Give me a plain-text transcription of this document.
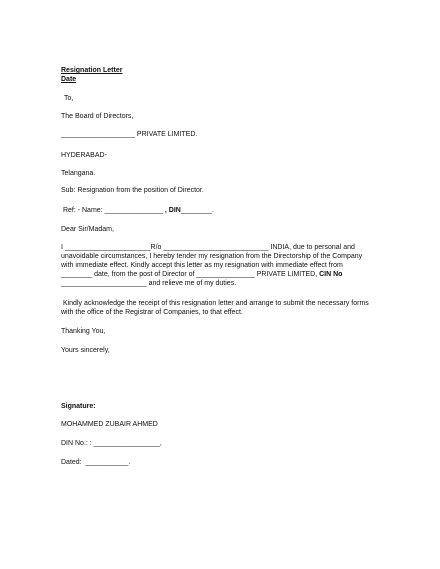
Resignation Letter
Date
To,
The Board of Directors,
___________________ PRIVATE LIMITED.
HYDERABAD-
Telangana.
Sub: Resignation from the position of Director.
Ref: - Name: _______________ , DIN________.
Dear Sir/Madam,
I ______________________R/o ___________________________ INDIA, due to personal and
unavoidable circumstances, I hereby tender my resignation from the Directorship of the Company
with immediate effect. Kindly accept this letter as my resignation with immediate effect from
________ date, from the post of Director of _______________ PRIVATE LIMITED, CIN No
______________________ and relieve me of my duties.
Kindly acknowledge the receipt of this resignation letter and arrange to submit the necessary forms
with the office of the Registrar of Companies, to that effect.
Thanking You,
Yours sincerely,
Signature:
MOHAMMED ZUBAIR AHMED
DIN No.: : _________________,
Dated:  ___________.
